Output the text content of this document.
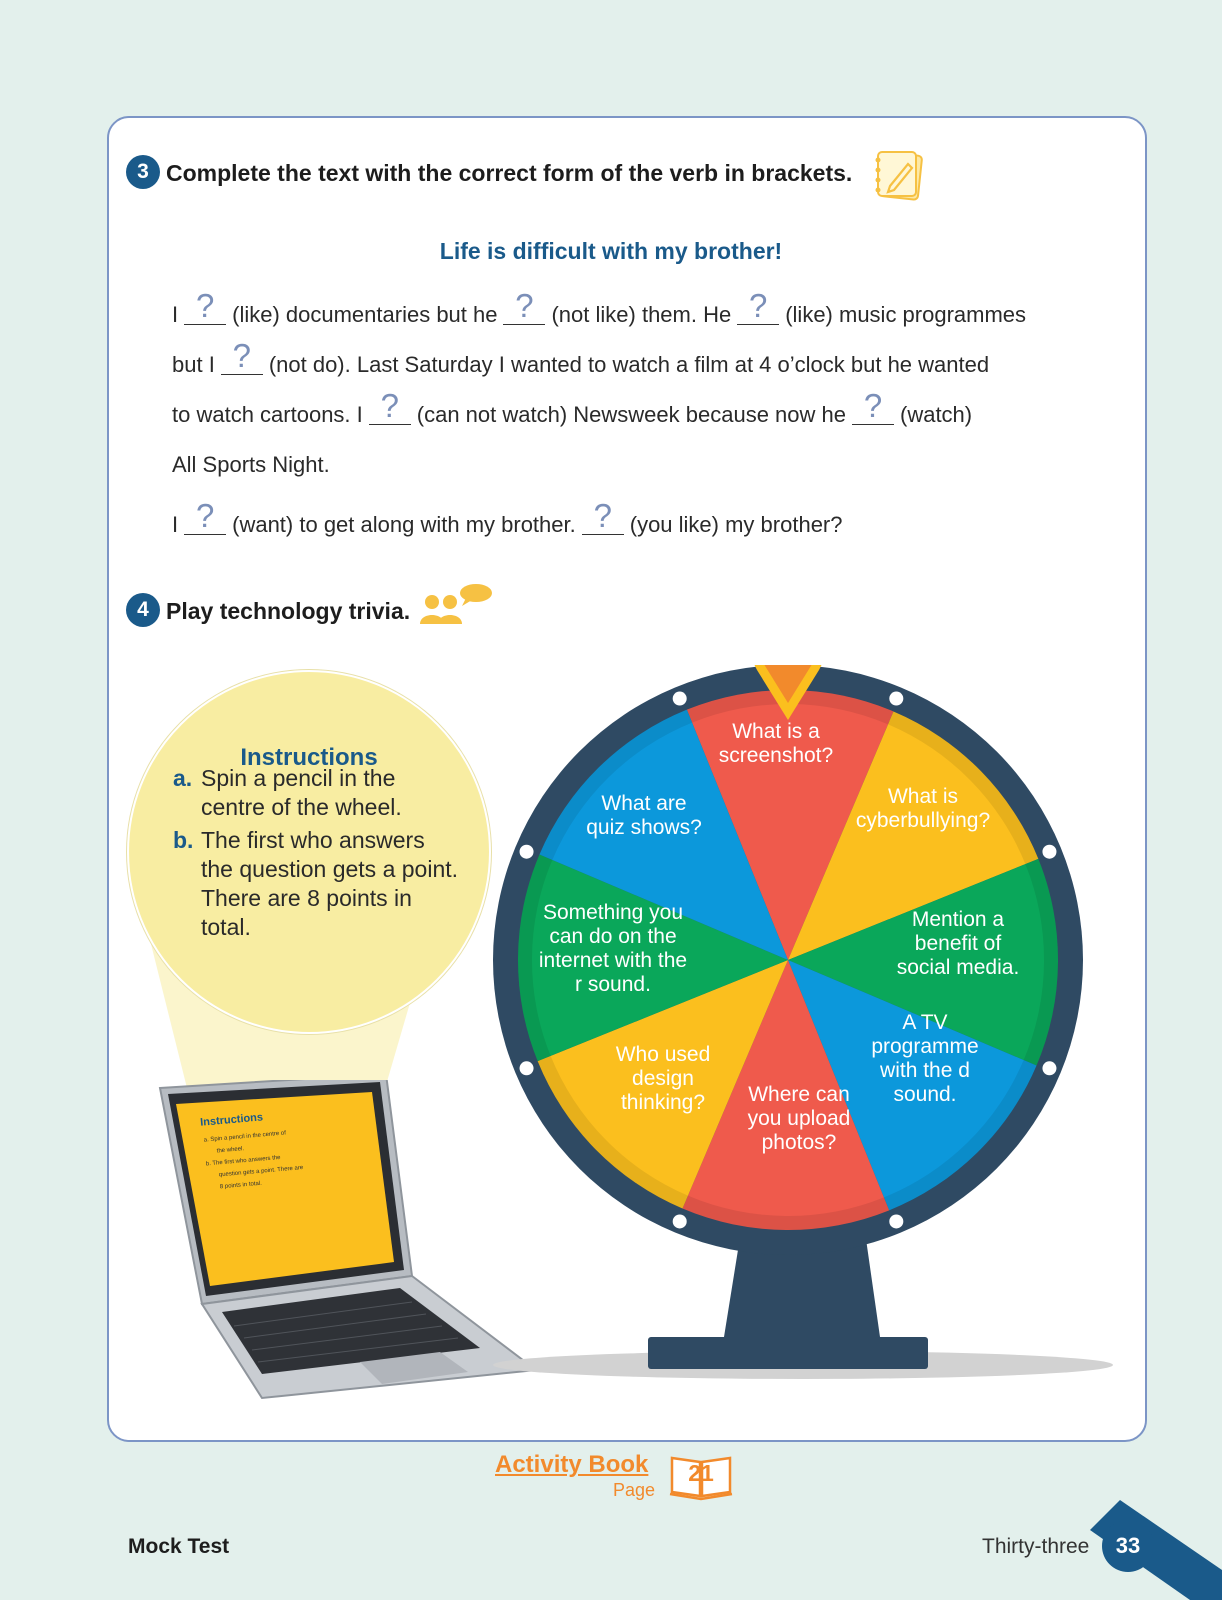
3 Complete the text with the correct form of the verb in brackets.
Life is difficult with my brother!

I ? (like) documentaries but he ? (not like) them. He ? (like) music programmes

but I ? (not do). Last Saturday I wanted to watch a film at 4 o’clock but he wanted

to watch cartoons. I ? (can not watch) Newsweek because now he ? (watch)

All Sports Night.

I ? (want) to get along with my brother. ? (you like) my brother?

4 Play technology trivia.
Instructions
a. Spin a pencil in the centre of the wheel.
b. The first who answers the question gets a point. There are 8 points in total.
Instructions
a. Spin a pencil in the centre of
the wheel.
b. The first who answers the
question gets a point. There are
8 points in total.
What is a screenshot?
What is cyberbullying?
Mention a benefit of social media.
A TV programme with the d sound.
Where can you upload photos?
Who used design thinking?
Something you can do on the internet with the r sound.
What are quiz shows?
Activity Book
Page
21
Mock Test	Thirty-three	33
